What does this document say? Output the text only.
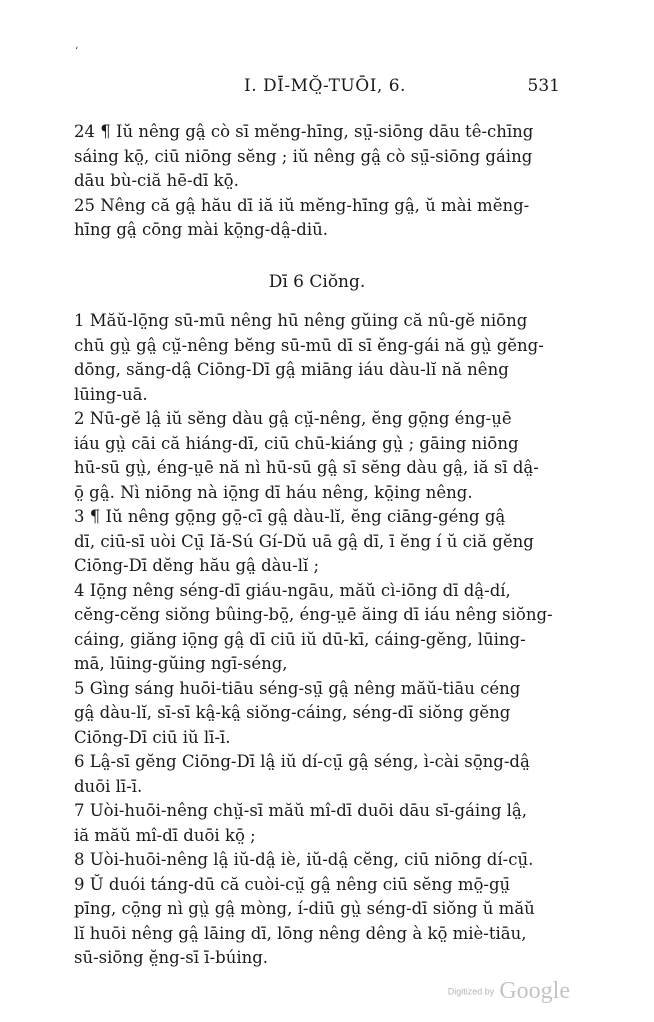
‘
I. DĪ-MŎ̤-TUŌI, 6.	531

24 ¶ Iŭ nêng gâ̤ cò sī mĕng-hīng, sṳ̄-siōng dāu tê-chīng
sáing kō̤, ciū niōng sĕng ; iŭ nêng gâ̤ cò sṳ̄-siōng gáing
dāu bù-ciă hē-dī kō̤.

25 Nêng că gâ̤ hău dī iă iŭ mĕng-hīng gâ̤, ŭ mài mĕng-
hīng gâ̤ cōng mài kō̤ng-dâ̤-diū.

Dī 6 Ciŏng.

1 Măŭ-lō̤ng sū-mū nêng hū nêng gŭing că nû-gĕ niōng
chū gṳ̀ gâ̤ cṳ̆-nêng bĕng sū-mū dī sī ĕng-gái nă gṳ̀ gĕng-
dōng, săng-dâ̤ Ciōng-Dī gâ̤ miāng iáu dàu-lĭ nă nêng
lūing-uā.

2 Nū-gĕ lâ̤ iŭ sĕng dàu gâ̤ cṳ̆-nêng, ĕng gō̤ng éng-ṳē
iáu gṳ̀ cāi că hiáng-dī, ciū chū-kiáng gṳ̀ ; gāing niōng
hū-sū gṳ̀, éng-ṳē nă nì hū-sū gâ̤ sī sĕng dàu gâ̤, iă sī dâ̤-
ō̤ gâ̤. Nì niōng nà iō̤ng dī háu nêng, kō̤ing nêng.

3 ¶ Iŭ nêng gō̤ng gō̤-cī gâ̤ dàu-lĭ, ĕng ciāng-géng gâ̤
dī, ciū-sī uòi Cṳ̄ Iă-Sú Gí-Dŭ uā gâ̤ dī, ī ĕng í ŭ ciă gĕng
Ciōng-Dī dĕng hău gâ̤ dàu-lĭ ;

4 Iō̤ng nêng séng-dī giáu-ngāu, măŭ cì-iōng dī dâ̤-dí,
cĕng-cĕng siŏng bûing-bō̤, éng-ṳē ăing dī iáu nêng siŏng-
cáing, giăng iō̤ng gâ̤ dī ciū iŭ dū-kī, cáing-gĕng, lūing-
mā, lūing-gŭing ngī-séng,

5 Gìng sáng huōi-tiāu séng-sṳ̄ gâ̤ nêng măŭ-tiāu céng
gâ̤ dàu-lĭ, sī-sī kâ̤-kâ̤ siŏng-cáing, séng-dī siŏng gĕng
Ciōng-Dī ciū iŭ lī-ī.

6 Lâ̤-sī gĕng Ciōng-Dī lâ̤ iŭ dí-cṳ̄ gâ̤ séng, ì-cài sō̤ng-dâ̤
duōi lī-ī.

7 Uòi-huōi-nêng chṳ̆-sī măŭ mî-dī duōi dāu sī-gáing lâ̤,
iă măŭ mî-dī duōi kō̤ ;

8 Uòi-huōi-nêng lâ̤ iŭ-dâ̤ iè, iŭ-dâ̤ cĕng, ciū niōng dí-cṳ̄.

9 Ŭ duói táng-dū că cuòi-cṳ̆ gâ̤ nêng ciū sĕng mō̤-gṳ̄
pīng, cō̤ng nì gṳ̀ gâ̤ mòng, í-diū gṳ̀ séng-dī siŏng ŭ măŭ
lĭ huōi nêng gâ̤ lāing dī, lōng nêng dêng à kō̤ miè-tiāu,
sū-siōng ĕ̤ng-sī ī-búing.

Digitized by Google
